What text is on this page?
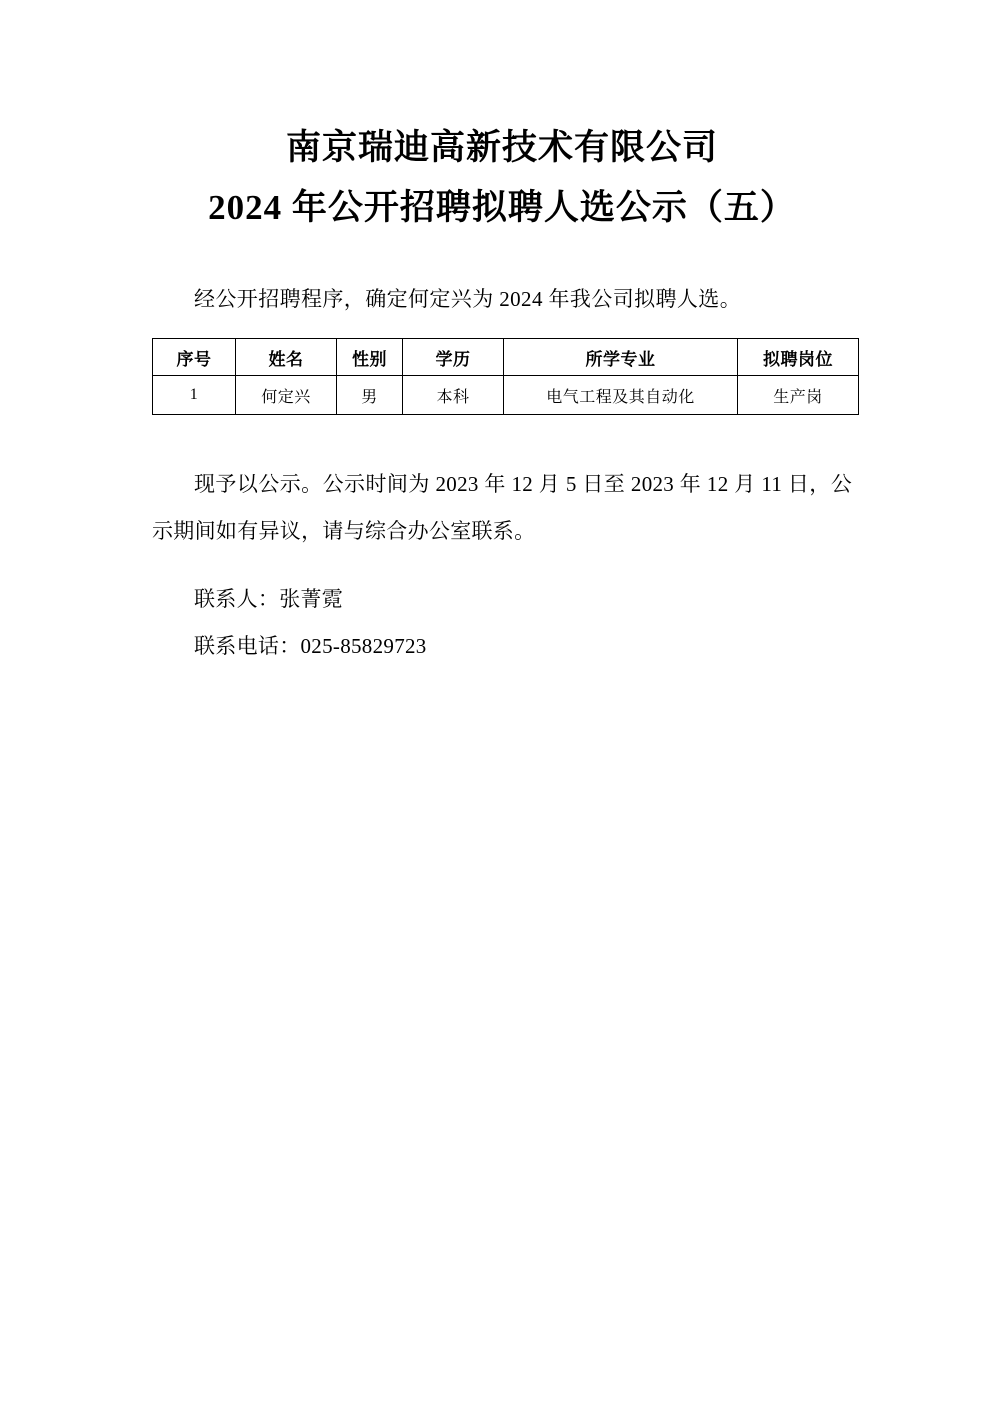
南京瑞迪高新技术有限公司
2024 年公开招聘拟聘人选公示（五）

经公开招聘程序，确定何定兴为 2024 年我公司拟聘人选。

序号	姓名	性别	学历	所学专业	拟聘岗位
1	何定兴	男	本科	电气工程及其自动化	生产岗

现予以公示。公示时间为 2023 年 12 月 5 日至 2023 年 12 月 11 日，公示期间如有异议，请与综合办公室联系。

联系人：张菁霓
联系电话：025-85829723
